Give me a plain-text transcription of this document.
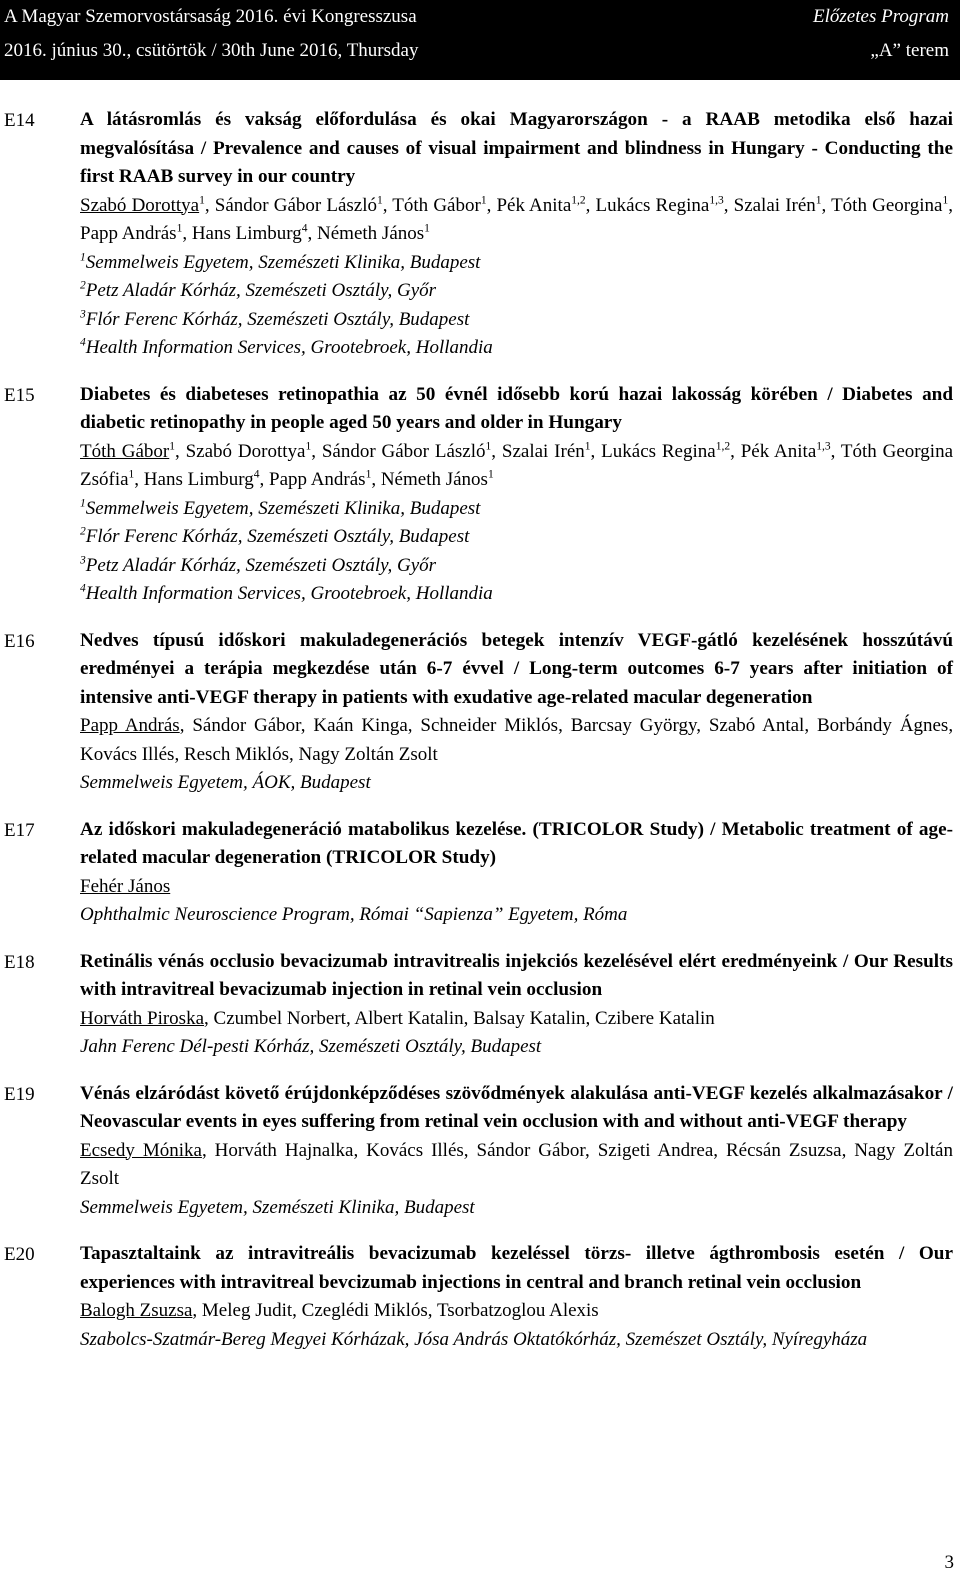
A Magyar Szemorvostársaság 2016. évi Kongresszusa	Előzetes Program
2016. június 30., csütörtök / 30th June 2016, Thursday	„A” terem
E14	A látásromlás és vakság előfordulása és okai Magyarországon - a RAAB metodika első hazai megvalósítása / Prevalence and causes of visual impairment and blindness in Hungary - Conducting the first RAAB survey in our country
Szabó Dorottya$^1$, Sándor Gábor László$^1$, Tóth Gábor$^1$, Pék Anita$^{1,2}$, Lukács Regina$^{1,3}$, Szalai Irén$^1$, Tóth Georgina$^1$, Papp András$^1$, Hans Limburg$^4$, Németh János$^1$
$^1$Semmelweis Egyetem, Szemészeti Klinika, Budapest
$^2$Petz Aladár Kórház, Szemészeti Osztály, Győr
$^3$Flór Ferenc Kórház, Szemészeti Osztály, Budapest
$^4$Health Information Services, Grootebroek, Hollandia
E15	Diabetes és diabeteses retinopathia az 50 évnél idősebb korú hazai lakosság körében / Diabetes and diabetic retinopathy in people aged 50 years and older in Hungary
Tóth Gábor$^1$, Szabó Dorottya$^1$, Sándor Gábor László$^1$, Szalai Irén$^1$, Lukács Regina$^{1,2}$, Pék Anita$^{1,3}$, Tóth Georgina Zsófia$^1$, Hans Limburg$^4$, Papp András$^1$, Németh János$^1$
$^1$Semmelweis Egyetem, Szemészeti Klinika, Budapest
$^2$Flór Ferenc Kórház, Szemészeti Osztály, Budapest
$^3$Petz Aladár Kórház, Szemészeti Osztály, Győr
$^4$Health Information Services, Grootebroek, Hollandia
E16	Nedves típusú időskori makuladegenerációs betegek intenzív VEGF-gátló kezelésének hosszútávú eredményei a terápia megkezdése után 6-7 évvel / Long-term outcomes 6-7 years after initiation of intensive anti-VEGF therapy in patients with exudative age-related macular degeneration
Papp András, Sándor Gábor, Kaán Kinga, Schneider Miklós, Barcsay György, Szabó Antal, Borbándy Ágnes, Kovács Illés, Resch Miklós, Nagy Zoltán Zsolt
Semmelweis Egyetem, ÁOK, Budapest
E17	Az időskori makuladegeneráció matabolikus kezelése. (TRICOLOR Study) / Metabolic treatment of age-related macular degeneration (TRICOLOR Study)
Fehér János
Ophthalmic Neuroscience Program, Római “Sapienza” Egyetem, Róma
E18	Retinális vénás occlusio bevacizumab intravitrealis injekciós kezelésével elért eredményeink / Our Results with intravitreal bevacizumab injection in retinal vein occlusion
Horváth Piroska, Czumbel Norbert, Albert Katalin, Balsay Katalin, Czibere Katalin
Jahn Ferenc Dél-pesti Kórház, Szemészeti Osztály, Budapest
E19	Vénás elzáródást követő érújdonképződéses szövődmények alakulása anti-VEGF kezelés alkalmazásakor / Neovascular events in eyes suffering from retinal vein occlusion with and without anti-VEGF therapy
Ecsedy Mónika, Horváth Hajnalka, Kovács Illés, Sándor Gábor, Szigeti Andrea, Récsán Zsuzsa, Nagy Zoltán Zsolt
Semmelweis Egyetem, Szemészeti Klinika, Budapest
E20	Tapasztaltaink az intravitreális bevacizumab kezeléssel törzs- illetve ágthrombosis esetén / Our experiences with intravitreal bevcizumab injections in central and branch retinal vein occlusion
Balogh Zsuzsa, Meleg Judit, Czeglédi Miklós, Tsorbatzoglou Alexis
Szabolcs-Szatmár-Bereg Megyei Kórházak, Jósa András Oktatókórház, Szemészet Osztály, Nyíregyháza
3
